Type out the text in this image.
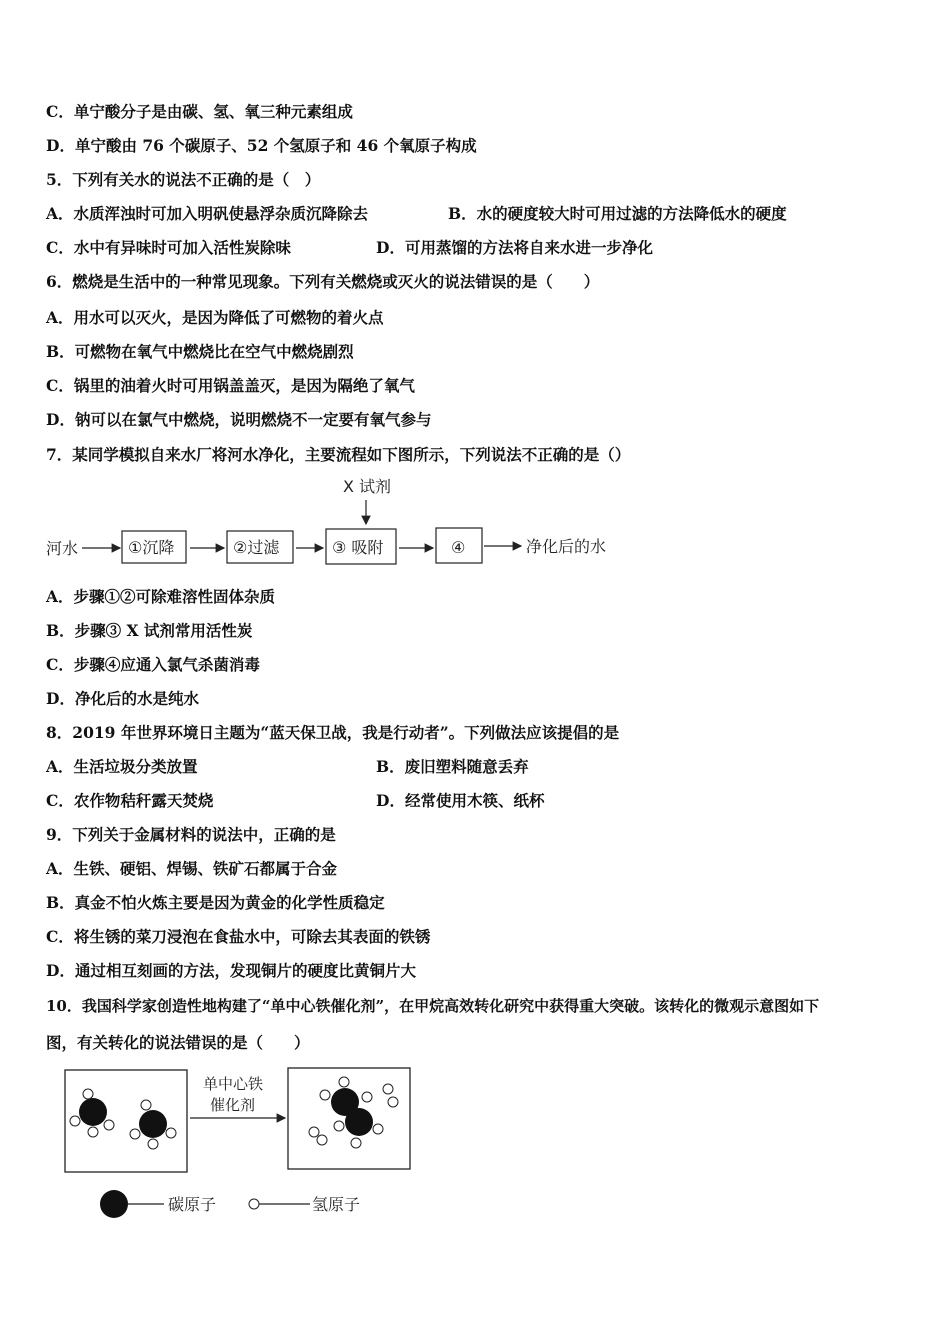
C．单宁酸分子是由碳、氢、氧三种元素组成
D．单宁酸由 76 个碳原子、52 个氢原子和 46 个氧原子构成
5．下列有关水的说法不正确的是（　）
A．水质浑浊时可加入明矾使悬浮杂质沉降除去	B．水的硬度较大时可用过滤的方法降低水的硬度
C．水中有异味时可加入活性炭除味	D．可用蒸馏的方法将自来水进一步净化
6．燃烧是生活中的一种常见现象。下列有关燃烧或灭火的说法错误的是（　　）
A．用水可以灭火，是因为降低了可燃物的着火点
B．可燃物在氧气中燃烧比在空气中燃烧剧烈
C．锅里的油着火时可用锅盖盖灭，是因为隔绝了氧气
D．钠可以在氯气中燃烧，说明燃烧不一定要有氧气参与
7．某同学模拟自来水厂将河水净化，主要流程如下图所示，下列说法不正确的是（）
X 试剂
河水	①沉降	②过滤	③ 吸附	④	净化后的水
A．步骤①②可除难溶性固体杂质
B．步骤③ X 试剂常用活性炭
C．步骤④应通入氯气杀菌消毒
D．净化后的水是纯水
8．2019 年世界环境日主题为“蓝天保卫战，我是行动者”。下列做法应该提倡的是
A．生活垃圾分类放置	B．废旧塑料随意丢弃
C．农作物秸秆露天焚烧	D．经常使用木筷、纸杯
9．下列关于金属材料的说法中，正确的是
A．生铁、硬铝、焊锡、铁矿石都属于合金
B．真金不怕火炼主要是因为黄金的化学性质稳定
C．将生锈的菜刀浸泡在食盐水中，可除去其表面的铁锈
D．通过相互刻画的方法，发现铜片的硬度比黄铜片大
10．我国科学家创造性地构建了“单中心铁催化剂”，在甲烷高效转化研究中获得重大突破。该转化的微观示意图如下
图，有关转化的说法错误的是（　　）
单中心铁
催化剂
碳原子	氢原子
